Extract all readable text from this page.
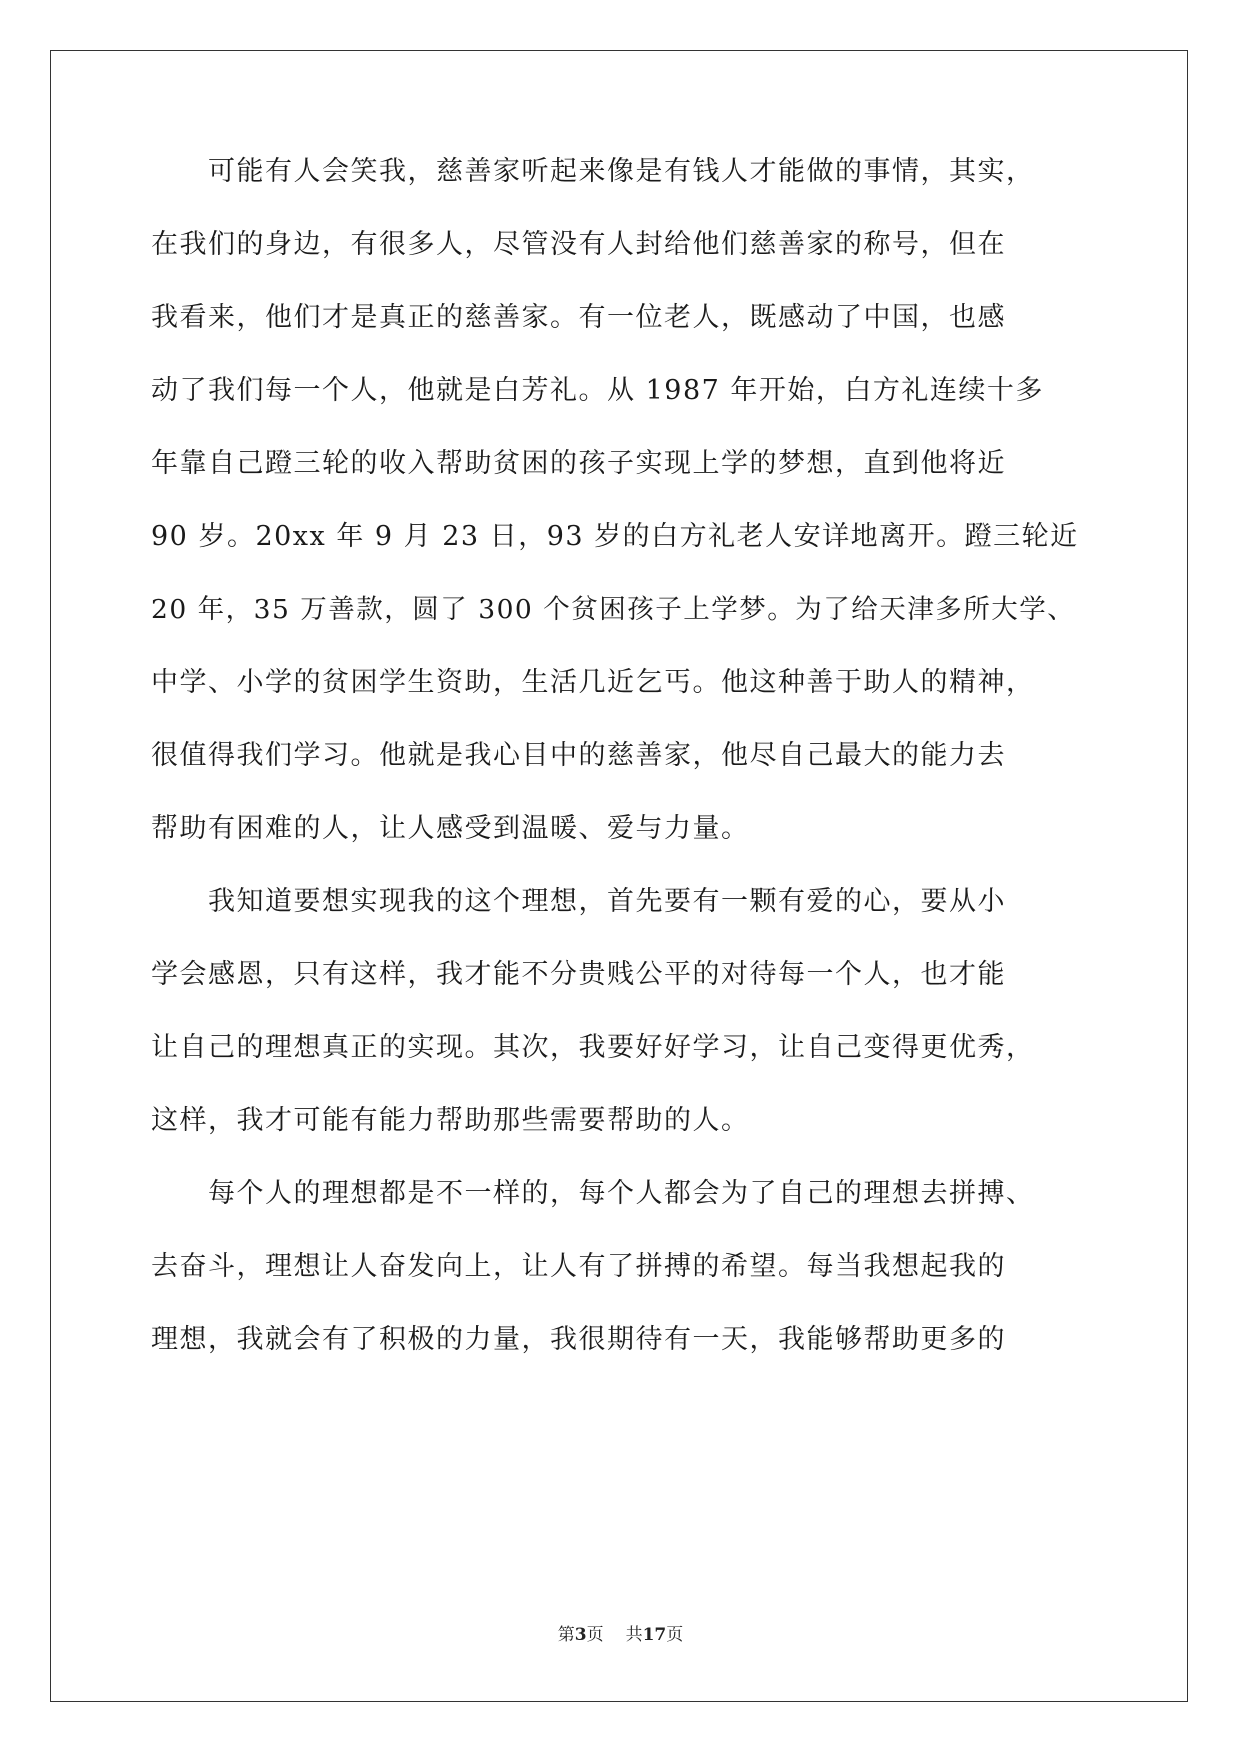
　　可能有人会笑我，慈善家听起来像是有钱人才能做的事情，其实，
在我们的身边，有很多人，尽管没有人封给他们慈善家的称号，但在
我看来，他们才是真正的慈善家。有一位老人，既感动了中国，也感
动了我们每一个人，他就是白芳礼。从 1987 年开始，白方礼连续十多
年靠自己蹬三轮的收入帮助贫困的孩子实现上学的梦想，直到他将近
90 岁。20xx 年 9 月 23 日，93 岁的白方礼老人安详地离开。蹬三轮近
20 年，35 万善款，圆了 300 个贫困孩子上学梦。为了给天津多所大学、
中学、小学的贫困学生资助，生活几近乞丐。他这种善于助人的精神，
很值得我们学习。他就是我心目中的慈善家，他尽自己最大的能力去
帮助有困难的人，让人感受到温暖、爱与力量。
　　我知道要想实现我的这个理想，首先要有一颗有爱的心，要从小
学会感恩，只有这样，我才能不分贵贱公平的对待每一个人，也才能
让自己的理想真正的实现。其次，我要好好学习，让自己变得更优秀，
这样，我才可能有能力帮助那些需要帮助的人。
　　每个人的理想都是不一样的，每个人都会为了自己的理想去拼搏、
去奋斗，理想让人奋发向上，让人有了拼搏的希望。每当我想起我的
理想，我就会有了积极的力量，我很期待有一天，我能够帮助更多的
第3页 共17页
